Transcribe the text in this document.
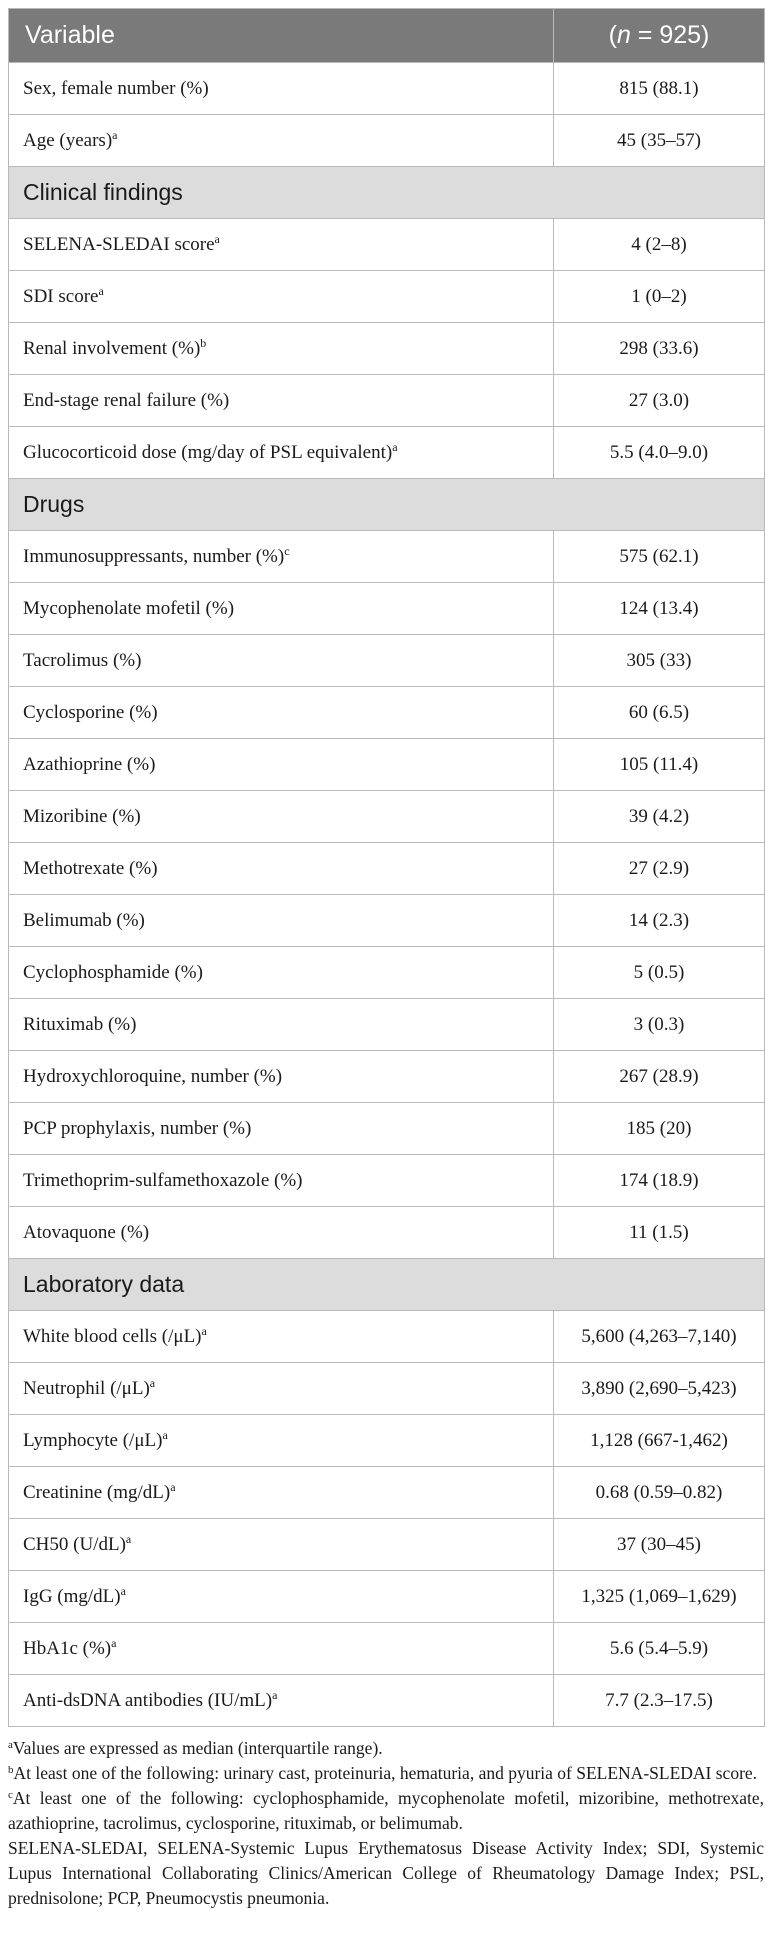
Variable	(n = 925)
Sex, female number (%)	815 (88.1)
Age (years)$^a$	45 (35–57)
Clinical findings	
SELENA-SLEDAI score$^a$	4 (2–8)
SDI score$^a$	1 (0–2)
Renal involvement (%)$^b$	298 (33.6)
End-stage renal failure (%)	27 (3.0)
Glucocorticoid dose (mg/day of PSL equivalent)$^a$	5.5 (4.0–9.0)
Drugs	
Immunosuppressants, number (%)$^c$	575 (62.1)
Mycophenolate mofetil (%)	124 (13.4)
Tacrolimus (%)	305 (33)
Cyclosporine (%)	60 (6.5)
Azathioprine (%)	105 (11.4)
Mizoribine (%)	39 (4.2)
Methotrexate (%)	27 (2.9)
Belimumab (%)	14 (2.3)
Cyclophosphamide (%)	5 (0.5)
Rituximab (%)	3 (0.3)
Hydroxychloroquine, number (%)	267 (28.9)
PCP prophylaxis, number (%)	185 (20)
Trimethoprim-sulfamethoxazole (%)	174 (18.9)
Atovaquone (%)	11 (1.5)
Laboratory data	
White blood cells $(/\mu L)^a$	5,600 (4,263–7,140)
Neutrophil $(/\mu L)^a$	3,890 (2,690–5,423)
Lymphocyte $(/\mu L)^a$	1,128 (667-1,462)
Creatinine $(mg/dL)^a$	0.68 (0.59–0.82)
CH50 $(U/dL)^a$	37 (30–45)
IgG $(mg/dL)^a$	1,325 (1,069–1,629)
HbA1c (%)$^a$	5.6 (5.4–5.9)
Anti-dsDNA antibodies $(IU/mL)^a$	7.7 (2.3–17.5)

$^a$Values are expressed as median (interquartile range).

$^b$At least one of the following: urinary cast, proteinuria, hematuria, and pyuria of SELENA-SLEDAI score.

$^c$At least one of the following: cyclophosphamide, mycophenolate mofetil, mizoribine, methotrexate, azathioprine, tacrolimus, cyclosporine, rituximab, or belimumab.

SELENA-SLEDAI, SELENA-Systemic Lupus Erythematosus Disease Activity Index; SDI, Systemic Lupus International Collaborating Clinics/American College of Rheumatology Damage Index; PSL, prednisolone; PCP, Pneumocystis pneumonia.
